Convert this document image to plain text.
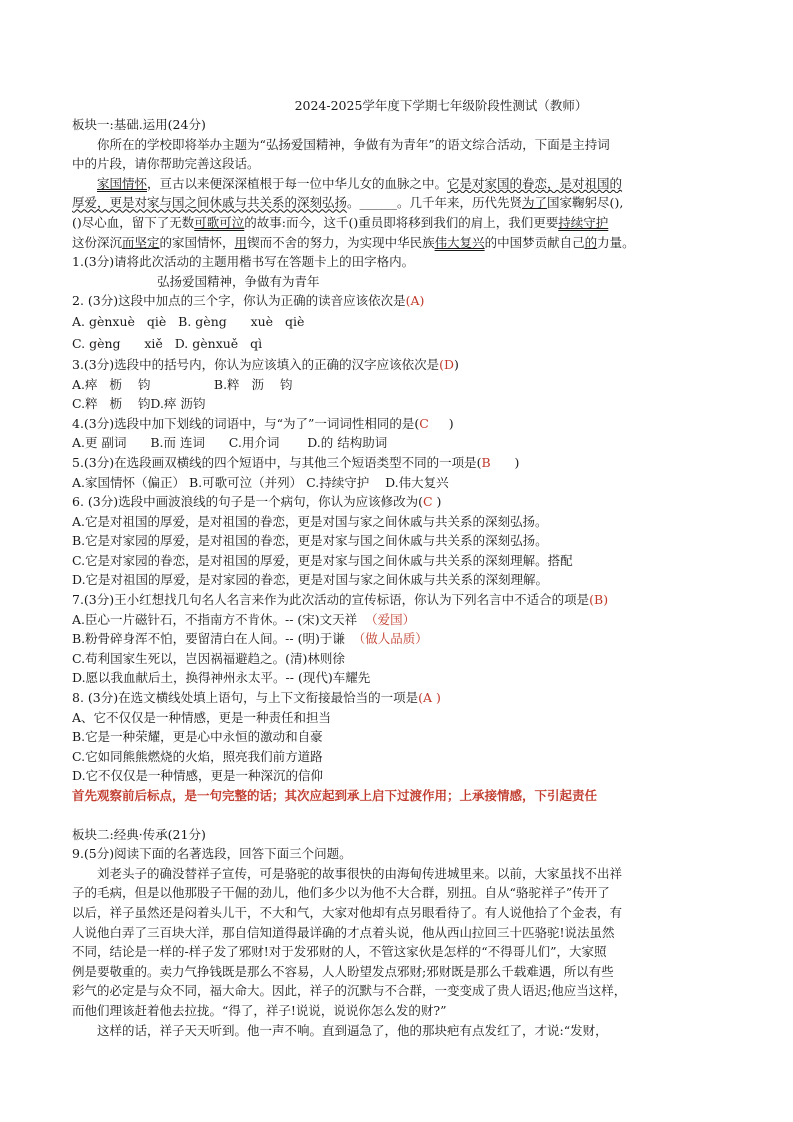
2024-2025学年度下学期七年级阶段性测试（教师）
板块一:基础.运用(24分)
你所在的学校即将举办主题为“弘扬爱国精神，争做有为青年”的语文综合活动，下面是主持词
中的片段，请你帮助完善这段话。
家国情怀，亘古以来便深深植根于每一位中华儿女的血脉之中。它是对家国的眷恋，是对祖国的
厚爱，更是对家与国之间休戚与共关系的深刻弘扬。______。几千年来，历代先贤为了国家鞠躬尽(),
()尽心血，留下了无数可歌可泣的故事:而今，这千()重员即将移到我们的肩上，我们更要持续守护
这份深沉而坚定的家国情怀，用锲而不舍的努力，为实现中华民族伟大复兴的中国梦贡献自己的力量。
1.(3分)请将此次活动的主题用楷书写在答题卡上的田字格内。
弘扬爱国精神，争做有为青年
2. (3分)这段中加点的三个字，你认为正确的读音应该依次是(A)
A. gènxuè   qiè   B. gèng      xuè   qiè
C. gèng      xiě   D. gènxuě   qì
3.(3分)选段中的括号内，你认为应该填入的正确的汉字应该依次是(D)
A.瘁   枥    钧                B.粹   沥    钧
C.粹   枥    钧D.瘁 沥钧
4.(3分)选段中加下划线的词语中，与“为了”一词词性相同的是(C     )
A.更 副词      B.而 连词      C.用介词       D.的 结构助词
5.(3分)在选段画双横线的四个短语中，与其他三个短语类型不同的一项是(B      )
A.家国情怀（偏正） B.可歌可泣（并列） C.持续守护    D.伟大复兴
6. (3分)选段中画波浪线的句子是一个病句，你认为应该修改为(C )
A.它是对祖国的厚爱，是对祖国的眷恋，更是对国与家之间休戚与共关系的深刻弘扬。
B.它是对家园的厚爱，是对祖国的眷恋，更是对家与国之间休戚与共关系的深刻弘扬。
C.它是对家园的眷恋，是对祖国的厚爱，更是对家与国之间休戚与共关系的深刻理解。搭配
D.它是对祖国的厚爱，是对家园的眷恋，更是对国与家之间休戚与共关系的深刻理解。
7.(3分)王小红想找几句名人名言来作为此次活动的宣传标语，你认为下列名言中不适合的项是(B)
A.臣心一片磁针石，不指南方不肯休。-- (宋)文天祥  （爱国）
B.粉骨碎身浑不怕，要留清白在人间。-- (明)于谦  （做人品质）
C.苟利国家生死以，岂因祸福避趋之。(清)林则徐
D.愿以我血献后土，换得神州永太平。-- (现代)车耀先
8. (3分)在选文横线处填上语句，与上下文衔接最恰当的一项是(A )
A、它不仅仅是一种情感，更是一种责任和担当
B.它是一种荣耀，更是心中永恒的激动和自豪
C.它如同熊熊燃烧的火焰，照亮我们前方道路
D.它不仅仅是一种情感，更是一种深沉的信仰
首先观察前后标点，是一句完整的话；其次应起到承上启下过渡作用；上承接情感，下引起责任
板块二:经典·传承(21分)
9.(5分)阅读下面的名著选段，回答下面三个问题。
刘老头子的确没替祥子宣传，可是骆驼的故事很快的由海甸传进城里来。以前，大家虽找不出祥
子的毛病，但是以他那股子干倔的劲儿，他们多少以为他不大合群，别扭。自从“骆驼祥子”传开了
以后，祥子虽然还是闷着头儿干，不大和气，大家对他却有点另眼看待了。有人说他拾了个金表，有
人说他白弄了三百块大洋，那自信知道得最详确的才点着头说，他从西山拉回三十匹骆驼!说法虽然
不同，结论是一样的-样子发了邪财!对于发邪财的人，不管这家伙是怎样的“不得哥儿们”，大家照
例是要敬重的。卖力气挣钱既是那么不容易，人人盼望发点邪财;邪财既是那么千载难遇，所以有些
彩气的必定是与众不同，福大命大。因此，祥子的沉默与不合群，一变变成了贵人语迟;他应当这样，
而他们理该赶着他去拉拢。“得了，祥子!说说，说说你怎么发的财?”
这样的话，祥子天天听到。他一声不响。直到逼急了，他的那块疤有点发红了，才说:“发财，
